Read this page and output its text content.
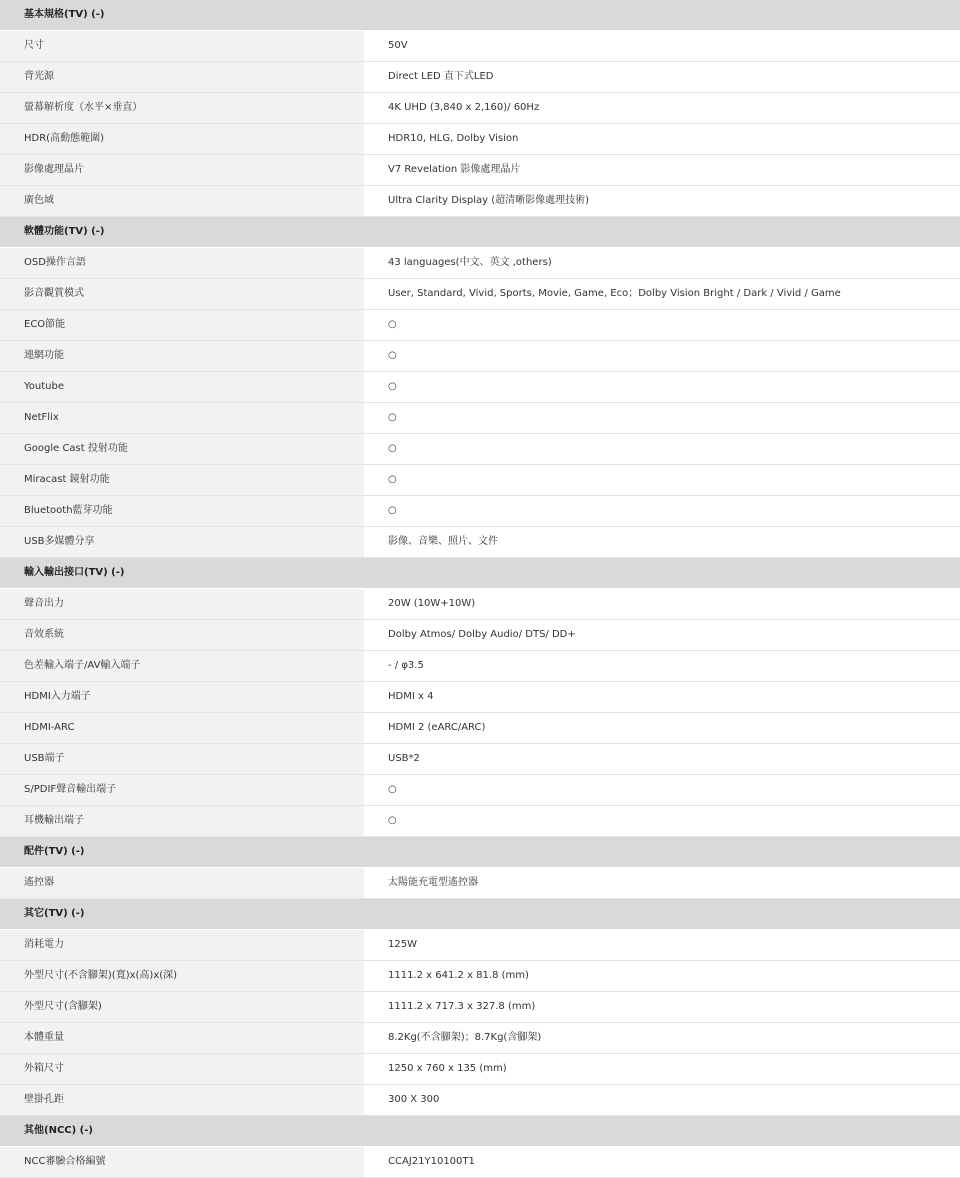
基本規格(TV) (-)
尺寸	50V
背光源	Direct LED 直下式LED
螢幕解析度（水平×垂直）	4K UHD (3,840 x 2,160)/ 60Hz
HDR(高動態範圍)	HDR10, HLG, Dolby Vision
影像處理晶片	V7 Revelation 影像處理晶片
廣色域	Ultra Clarity Display (超清晰影像處理技術)
軟體功能(TV) (-)
OSD操作言語	43 languages(中文、英文 ,others)
影音觀賞模式	User, Standard, Vivid, Sports, Movie, Game, Eco；Dolby Vision Bright / Dark / Vivid / Game
ECO節能	○
連網功能	○
Youtube	○
NetFlix	○
Google Cast 投射功能	○
Miracast 鏡射功能	○
Bluetooth藍芽功能	○
USB多媒體分享	影像、音樂、照片、文件
輸入輸出接口(TV) (-)
聲音出力	20W (10W+10W)
音效系統	Dolby Atmos/ Dolby Audio/ DTS/ DD+
色差輸入端子/AV輸入端子	- / φ3.5
HDMI入力端子	HDMI x 4
HDMI-ARC	HDMI 2 (eARC/ARC)
USB端子	USB*2
S/PDIF聲音輸出端子	○
耳機輸出端子	○
配件(TV) (-)
遙控器	太陽能充電型遙控器
其它(TV) (-)
消耗電力	125W
外型尺寸(不含腳架)(寬)x(高)x(深)	1111.2 x 641.2 x 81.8 (mm)
外型尺寸(含腳架)	1111.2 x 717.3 x 327.8 (mm)
本體重量	8.2Kg(不含腳架)；8.7Kg(含腳架)
外箱尺寸	1250 x 760 x 135 (mm)
壁掛孔距	300 X 300
其他(NCC) (-)
NCC審驗合格編號	CCAJ21Y10100T1
